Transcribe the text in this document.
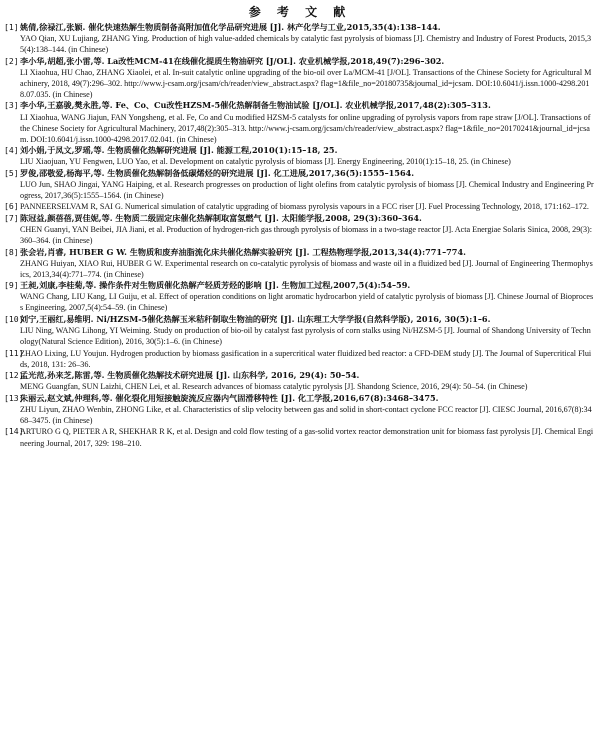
参 考 文 献
[1] 姚倩,徐禄江,张颖. 催化快速热解生物质制备高附加值化学品研究进展 [J]. 林产化学与工业,2015,35(4):138–144.
YAO Qian, XU Lujiang, ZHANG Ying. Production of high value-added chemicals by catalytic fast pyrolysis of biomass [J]. Chemistry and Industry of Forest Products, 2015,35(4):138–144. (in Chinese)
[2] 李小华,胡超,张小雷,等. La改性MCM-41在线催化提质生物油研究 [J/OL]. 农业机械学报,2018,49(7):296–302.
LI Xiaohua, HU Chao, ZHANG Xiaolei, et al. In-suit catalytic online upgrading of the bio-oil over La/MCM-41 [J/OL]. Transactions of the Chinese Society for Agricultural Machinery, 2018, 49(7):296–302. http://www.j-csam.org/jcsam/ch/reader/view_abstract.aspx? flag=1&file_no=20180735&journal_id=jcsam. DOI:10.6041/j.issn.1000-4298.2018.07.035. (in Chinese)
[3] 李小华,王嘉骏,樊永胜,等. Fe、Co、Cu改性HZSM-5催化热解制备生物油试验 [J/OL]. 农业机械学报,2017,48(2):305–313.
LI Xiaohua, WANG Jiajun, FAN Yongsheng, et al. Fe, Co and Cu modified HZSM-5 catalysts for online upgrading of pyrolysis vapors from rape straw [J/OL]. Transactions of the Chinese Society for Agricultural Machinery, 2017,48(2):305–313. http://www.j-csam.org/jcsam/ch/reader/view_abstract.aspx? flag=1&file_no=20170241&journal_id=jcsam. DOI:10.6041/j.issn.1000-4298.2017.02.041. (in Chinese)
[4] 刘小娟,于凤文,罗瑶,等. 生物质催化热解研究进展 [J]. 能源工程,2010(1):15–18, 25.
LIU Xiaojuan, YU Fengwen, LUO Yao, et al. Development on catalytic pyrolysis of biomass [J]. Energy Engineering, 2010(1):15–18, 25. (in Chinese)
[5] 罗俊,邵敬爱,杨海平,等. 生物质催化热解制备低碳烯烃的研究进展 [J]. 化工进展,2017,36(5):1555–1564.
LUO Jun, SHAO Jingai, YANG Haiping, et al. Research progresses on production of light olefins from catalytic pyrolysis of biomass [J]. Chemical Industry and Engineering Progress, 2017,36(5):1555–1564. (in Chinese)
[6] PANNEERSELVAM R, SAI G. Numerical simulation of catalytic upgrading of biomass pyrolysis vapours in a FCC riser [J]. Fuel Processing Technology, 2018, 171:162–172.
[7] 陈冠益,颜蓓蓓,贾佳妮,等. 生物质二级固定床催化热解制取富氢燃气 [J]. 太阳能学报,2008, 29(3):360–364.
CHEN Guanyi, YAN Beibei, JIA Jiani, et al. Production of hydrogen-rich gas through pyrolysis of biomass in a two-stage reactor [J]. Acta Energiae Solaris Sinica, 2008, 29(3):360–364. (in Chinese)
[8] 张会岩,肖睿, HUBER G W. 生物质和废弃油脂流化床共催化热解实验研究 [J]. 工程热物理学报,2013,34(4):771–774.
ZHANG Huiyan, XIAO Rui, HUBER G W. Experimental research on co-catalytic pyrolysis of biomass and waste oil in a fluidized bed [J]. Journal of Engineering Thermophysics, 2013,34(4):771–774. (in Chinese)
[9] 王昶,刘康,李桂菊,等. 操作条件对生物质催化热解产轻质芳烃的影响 [J]. 生物加工过程,2007,5(4):54–59.
WANG Chang, LIU Kang, LI Guiju, et al. Effect of operation conditions on light aromatic hydrocarbon yield of catalytic pyrolysis of biomass [J]. Chinese Journal of Bioprocess Engineering, 2007,5(4):54–59. (in Chinese)
[10]
刘宁,王丽红,易维明. Ni/HZSM-5催化热解玉米秸秆制取生物油的研究 [J]. 山东理工大学学报(自然科学版), 2016, 30(5):1–6.
LIU Ning, WANG Lihong, YI Weiming. Study on production of bio-oil by catalyst fast pyrolysis of corn stalks using Ni/HZSM-5 [J]. Journal of Shandong University of Technology(Natural Science Edition), 2016, 30(5):1–6. (in Chinese)
[11]
ZHAO Lixing, LU Youjun. Hydrogen production by biomass gasification in a supercritical water fluidized bed reactor: a CFD-DEM study [J]. The Journal of Supercritical Fluids, 2018, 131: 26–36.
[12]
孟光范,孙来芝,陈雷,等. 生物质催化热解技术研究进展 [J]. 山东科学, 2016, 29(4): 50–54.
MENG Guangfan, SUN Laizhi, CHEN Lei, et al. Research advances of biomass catalytic pyrolysis [J]. Shandong Science, 2016, 29(4): 50–54. (in Chinese)
[13]
朱丽云,赵文斌,仲理科,等. 催化裂化用短接触旋流反应器内气固滑移特性 [J]. 化工学报,2016,67(8):3468–3475.
ZHU Liyun, ZHAO Wenbin, ZHONG Like, et al. Characteristics of slip velocity between gas and solid in short-contact cyclone FCC reactor [J]. CIESC Journal, 2016,67(8):3468–3475. (in Chinese)
[14]
ARTURO G Q, PIETER A R, SHEKHAR R K, et al. Design and cold flow testing of a gas-solid vortex reactor demonstration unit for biomass fast pyrolysis [J]. Chemical Engineering Journal, 2017, 329: 198–210.
